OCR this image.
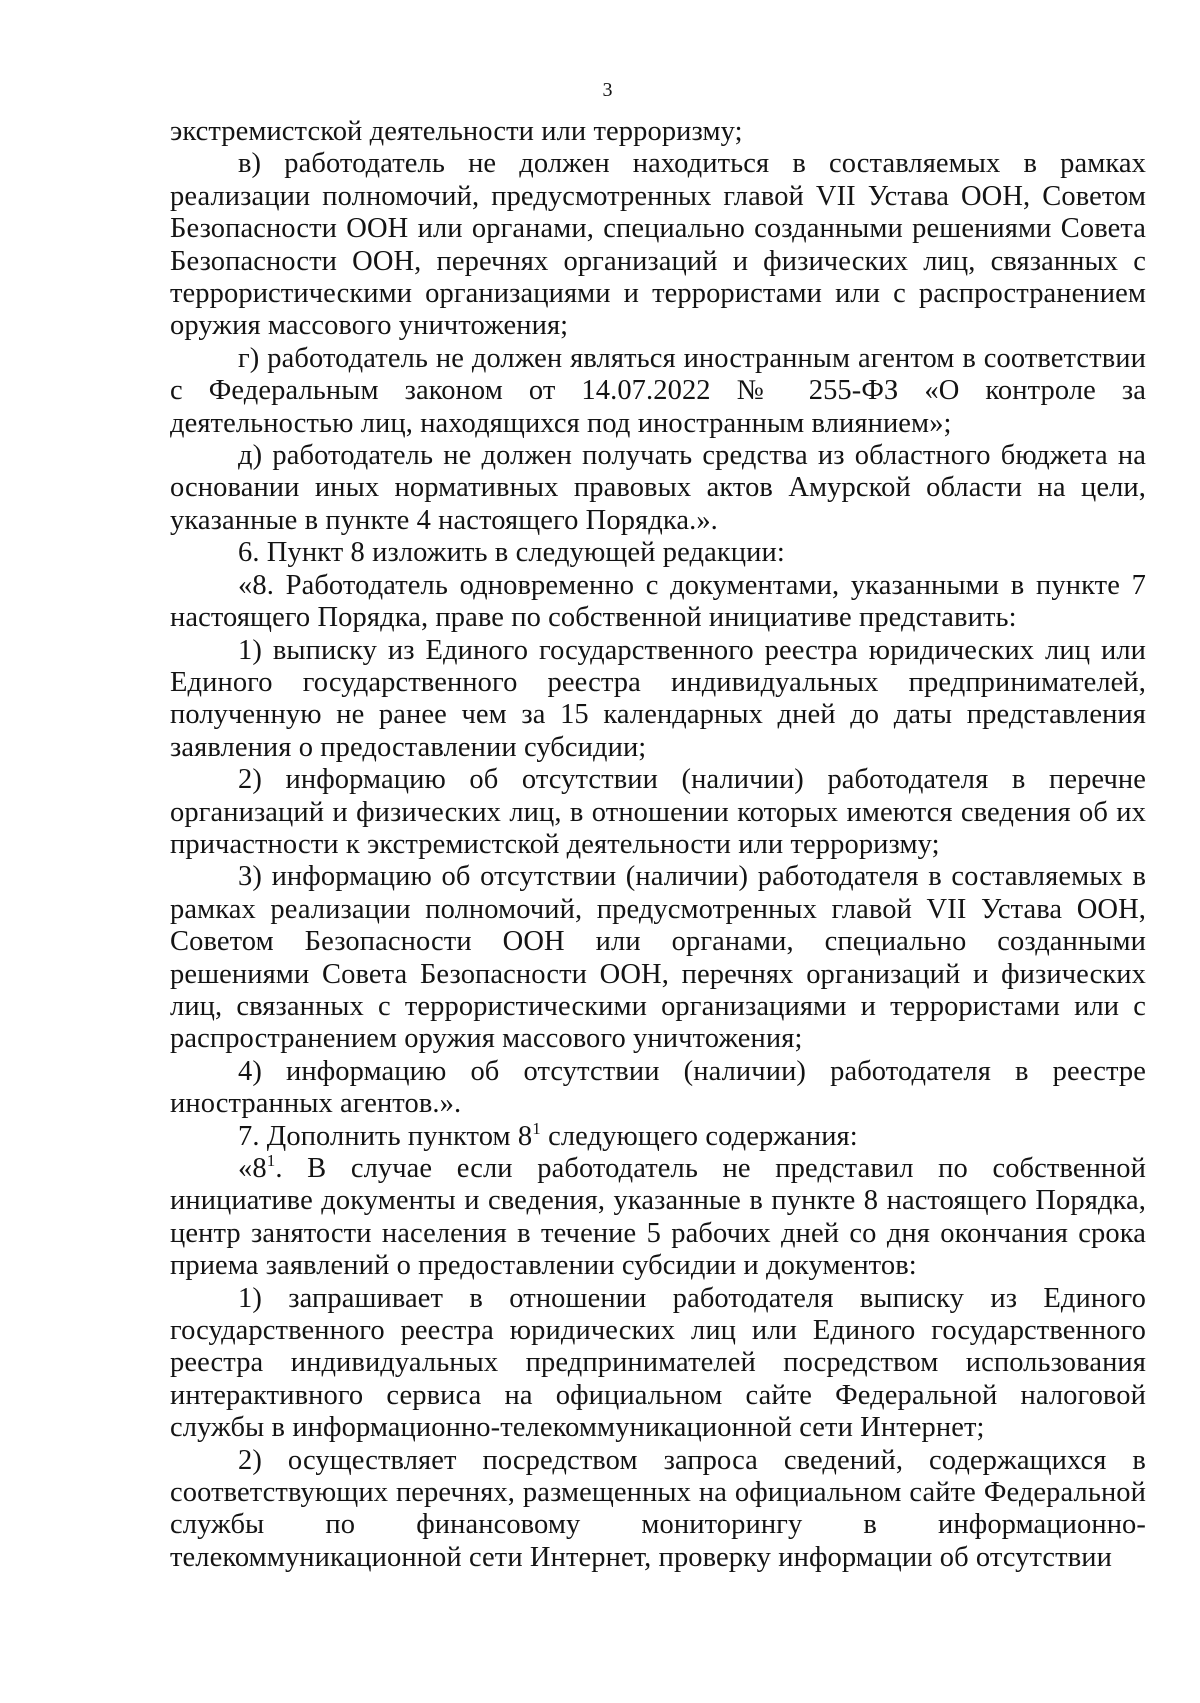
3

экстремистской деятельности или терроризму;

в) работодатель не должен находиться в составляемых в рамках реализации полномочий, предусмотренных главой VII Устава ООН, Советом Безопасности ООН или органами, специально созданными решениями Совета Безопасности ООН, перечнях организаций и физических лиц, связанных с террористическими организациями и террористами или с распространением оружия массового уничтожения;

г) работодатель не должен являться иностранным агентом в соответствии с Федеральным законом от 14.07.2022 № 255-ФЗ «О контроле за деятельностью лиц, находящихся под иностранным влиянием»;

д) работодатель не должен получать средства из областного бюджета на основании иных нормативных правовых актов Амурской области на цели, указанные в пункте 4 настоящего Порядка.».

6. Пункт 8 изложить в следующей редакции:

«8. Работодатель одновременно с документами, указанными в пункте 7 настоящего Порядка, праве по собственной инициативе представить:

1) выписку из Единого государственного реестра юридических лиц или Единого государственного реестра индивидуальных предпринимателей, полученную не ранее чем за 15 календарных дней до даты представления заявления о предоставлении субсидии;

2) информацию об отсутствии (наличии) работодателя в перечне организаций и физических лиц, в отношении которых имеются сведения об их причастности к экстремистской деятельности или терроризму;

3) информацию об отсутствии (наличии) работодателя в составляемых в рамках реализации полномочий, предусмотренных главой VII Устава ООН, Советом Безопасности ООН или органами, специально созданными решениями Совета Безопасности ООН, перечнях организаций и физических лиц, связанных с террористическими организациями и террористами или с распространением оружия массового уничтожения;

4) информацию об отсутствии (наличии) работодателя в реестре иностранных агентов.».

7. Дополнить пунктом $8^1$ следующего содержания:

«$8^1$. В случае если работодатель не представил по собственной инициативе документы и сведения, указанные в пункте 8 настоящего Порядка, центр занятости населения в течение 5 рабочих дней со дня окончания срока приема заявлений о предоставлении субсидии и документов:

1) запрашивает в отношении работодателя выписку из Единого государственного реестра юридических лиц или Единого государственного реестра индивидуальных предпринимателей посредством использования интерактивного сервиса на официальном сайте Федеральной налоговой службы в информационно-телекоммуникационной сети Интернет;

2) осуществляет посредством запроса сведений, содержащихся в соответствующих перечнях, размещенных на официальном сайте Федеральной службы по финансовому мониторингу в информационно-телекоммуникационной сети Интернет, проверку информации об отсутствии
